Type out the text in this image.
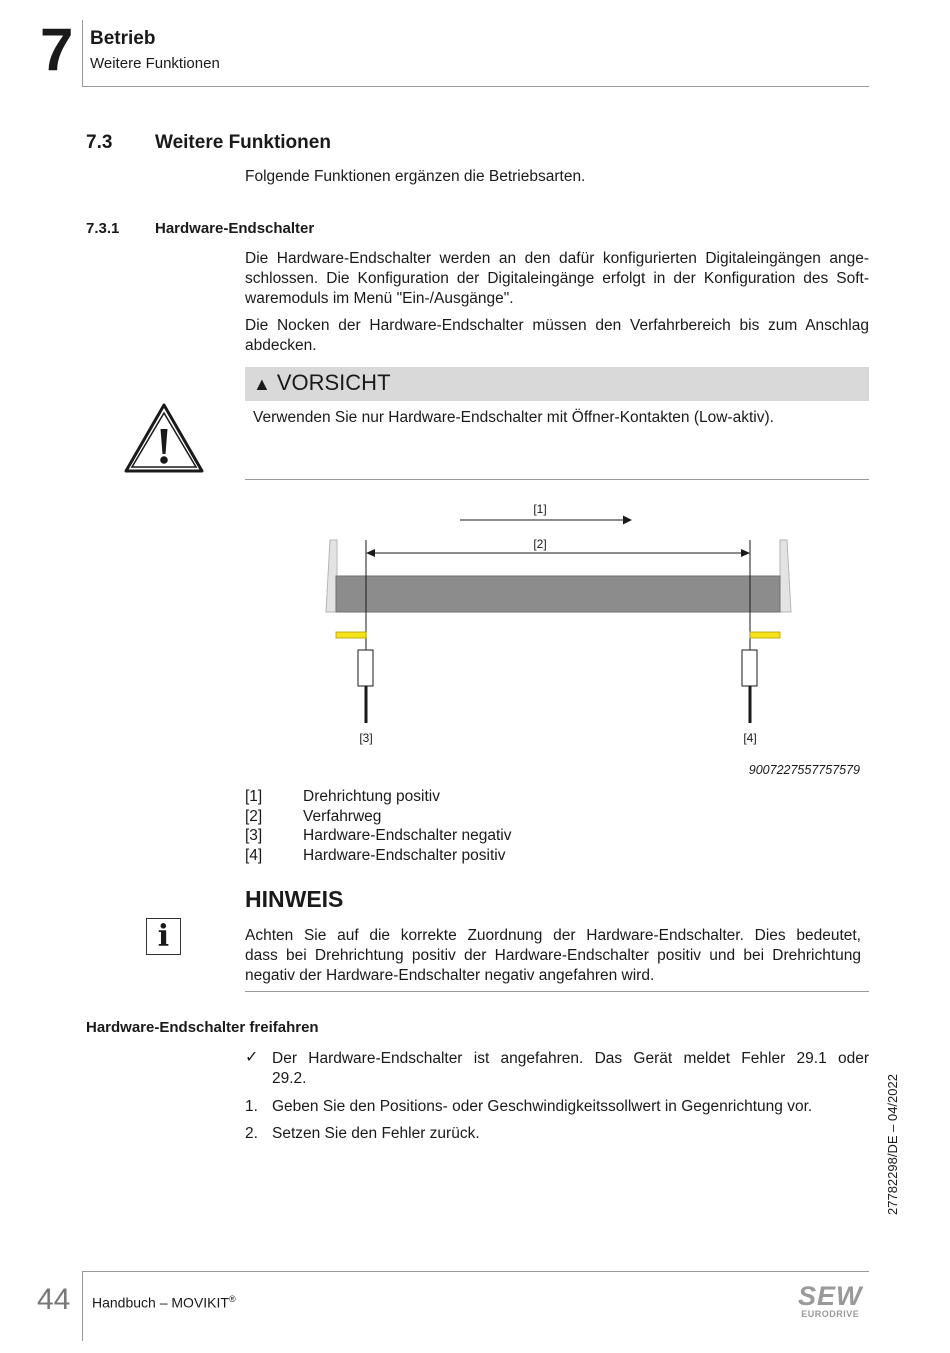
7 Betrieb
Weitere Funktionen
7.3 Weitere Funktionen
Folgende Funktionen ergänzen die Betriebsarten.
7.3.1 Hardware-Endschalter
Die Hardware-Endschalter werden an den dafür konfigurierten Digitaleingängen ange-
schlossen. Die Konfiguration der Digitaleingänge erfolgt in der Konfiguration des Soft-
waremoduls im Menü "Ein-/Ausgänge".
Die Nocken der Hardware-Endschalter müssen den Verfahrbereich bis zum Anschlag
abdecken.
▲ VORSICHT
Verwenden Sie nur Hardware-Endschalter mit Öffner-Kontakten (Low-aktiv).
[1]
[2]
[3]	[4]
9007227557757579
[1]	Drehrichtung positiv
[2]	Verfahrweg
[3]	Hardware-Endschalter negativ
[4]	Hardware-Endschalter positiv
HINWEIS
i	Achten Sie auf die korrekte Zuordnung der Hardware-Endschalter. Dies bedeutet,
dass bei Drehrichtung positiv der Hardware-Endschalter positiv und bei Drehrichtung
negativ der Hardware-Endschalter negativ angefahren wird.
Hardware-Endschalter freifahren
✓ Der Hardware-Endschalter ist angefahren. Das Gerät meldet Fehler 29.1 oder
29.2.
1. Geben Sie den Positions- oder Geschwindigkeitssollwert in Gegenrichtung vor.
2. Setzen Sie den Fehler zurück.	27782298/DE – 04/2022
44 Handbuch – MOVIKIT®	SEW
EURODRIVE
